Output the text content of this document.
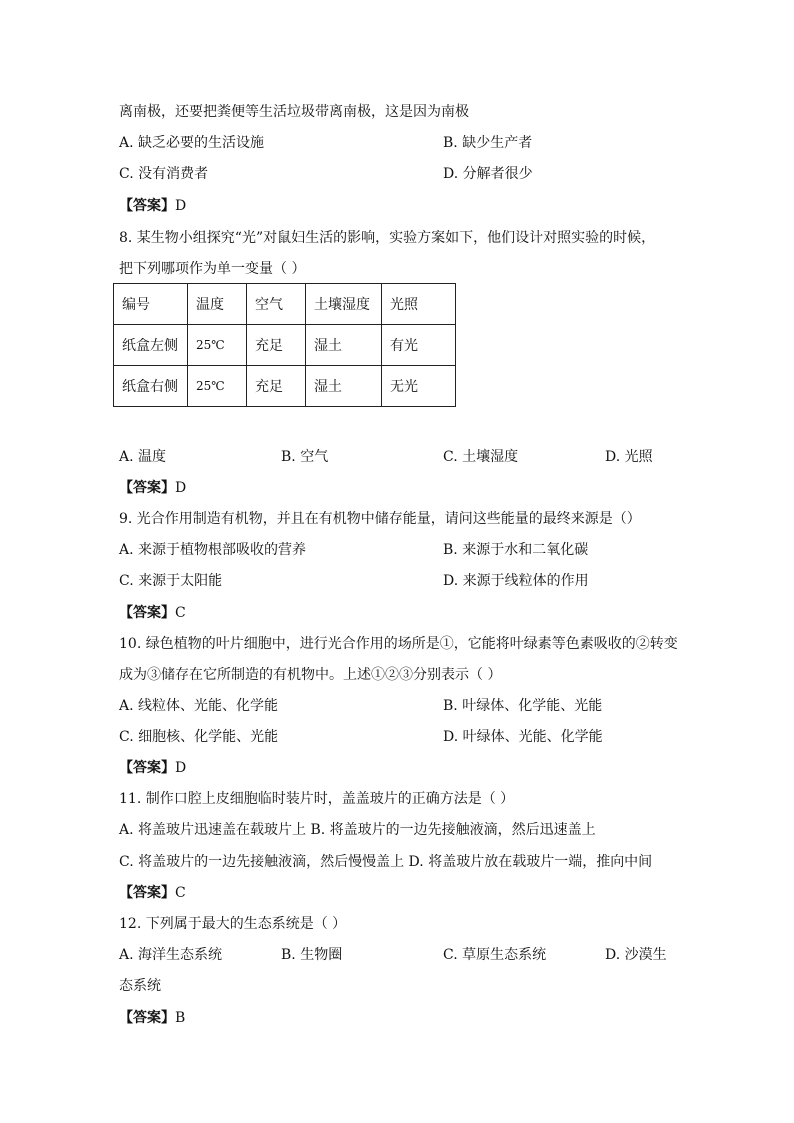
离南极，还要把粪便等生活垃圾带离南极，这是因为南极
A. 缺乏必要的生活设施	B. 缺少生产者
C. 没有消费者	D. 分解者很少
【答案】D
8. 某生物小组探究“光”对鼠妇生活的影响，实验方案如下，他们设计对照实验的时候，
把下列哪项作为单一变量（ ）
编号	温度	空气	土壤湿度	光照
纸盒左侧	25℃	充足	湿土	有光
纸盒右侧	25℃	充足	湿土	无光
A. 温度	B. 空气	C. 土壤湿度	D. 光照
【答案】D
9. 光合作用制造有机物，并且在有机物中储存能量，请问这些能量的最终来源是（）
A. 来源于植物根部吸收的营养	B. 来源于水和二氧化碳
C. 来源于太阳能	D. 来源于线粒体的作用
【答案】C
10. 绿色植物的叶片细胞中，进行光合作用的场所是①，它能将叶绿素等色素吸收的②转变
成为③储存在它所制造的有机物中。上述①②③分别表示（ ）
A. 线粒体、光能、化学能	B. 叶绿体、化学能、光能
C. 细胞核、化学能、光能	D. 叶绿体、光能、化学能
【答案】D
11. 制作口腔上皮细胞临时装片时，盖盖玻片的正确方法是（ ）
A. 将盖玻片迅速盖在载玻片上 B. 将盖玻片的一边先接触液滴，然后迅速盖上
C. 将盖玻片的一边先接触液滴，然后慢慢盖上 D. 将盖玻片放在载玻片一端，推向中间
【答案】C
12. 下列属于最大的生态系统是（ ）
A. 海洋生态系统	B. 生物圈	C. 草原生态系统	D. 沙漠生
态系统
【答案】B
